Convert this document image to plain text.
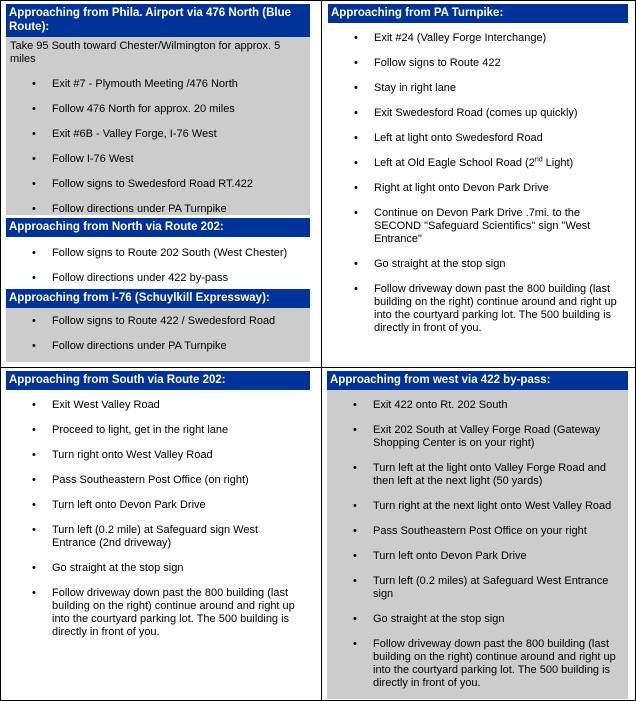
Approaching from Phila. Airport via 476 North (Blue Route):
Take 95 South toward Chester/Wilmington for approx. 5 miles
• Exit #7 - Plymouth Meeting /476 North
• Follow 476 North for approx. 20 miles
• Exit #6B - Valley Forge, I-76 West
• Follow I-76 West
• Follow signs to Swedesford Road RT.422
• Follow directions under PA Turnpike
Approaching from North via Route 202:
• Follow signs to Route 202 South (West Chester)
• Follow directions under 422 by-pass
Approaching from I-76 (Schuylkill Expressway):
• Follow signs to Route 422 / Swedesford Road
• Follow directions under PA Turnpike
Approaching from PA Turnpike:
• Exit #24 (Valley Forge Interchange)
• Follow signs to Route 422
• Stay in right lane
• Exit Swedesford Road (comes up quickly)
• Left at light onto Swedesford Road
• Left at Old Eagle School Road (2nd Light)
• Right at light onto Devon Park Drive
• Continue on Devon Park Drive .7mi. to the SECOND "Safeguard Scientifics" sign "West Entrance"
• Go straight at the stop sign
• Follow driveway down past the 800 building (last building on the right) continue around and right up into the courtyard parking lot. The 500 building is directly in front of you.
Approaching from South via Route 202:
• Exit West Valley Road
• Proceed to light, get in the right lane
• Turn right onto West Valley Road
• Pass Southeastern Post Office (on right)
• Turn left onto Devon Park Drive
• Turn left (0.2 mile) at Safeguard sign West Entrance (2nd driveway)
• Go straight at the stop sign
• Follow driveway down past the 800 building (last building on the right) continue around and right up into the courtyard parking lot. The 500 building is directly in front of you.
Approaching from west via 422 by-pass:
• Exit 422 onto Rt. 202 South
• Exit 202 South at Valley Forge Road (Gateway Shopping Center is on your right)
• Turn left at the light onto Valley Forge Road and then left at the next light (50 yards)
• Turn right at the next light onto West Valley Road
• Pass Southeastern Post Office on your right
• Turn left onto Devon Park Drive
• Turn left (0.2 miles) at Safeguard West Entrance sign
• Go straight at the stop sign
• Follow driveway down past the 800 building (last building on the right) continue around and right up into the courtyard parking lot. The 500 building is directly in front of you.
